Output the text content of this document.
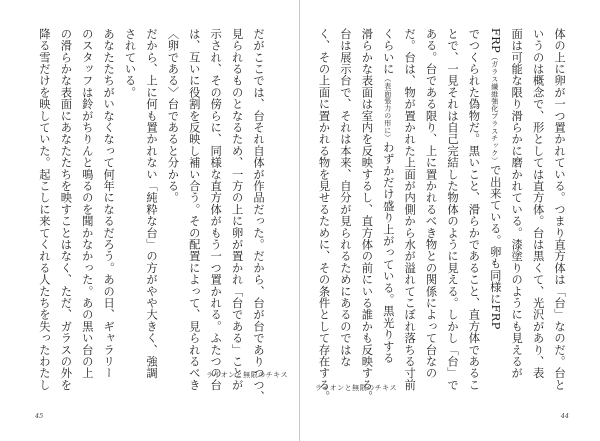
だがここでは、台それ自体が作品だった。だから、台が台でありつつ、
見られるものとなるため、一方の上に卵が置かれ「台である」ことが
示され、その傍らに、同様な直方体がもう一つ置かれる。ふたつの台
は、互いに役割を反映し補い合う。その配置によって、見られるべき
〈卵である〉台であると分かる。
だから、上に何も置かれない「純粋な台」の方がやや大きく、強調
されている。
あなたたちがいなくなって何年になるだろう。あの日、ギャラリー
のスタッフは鈴がちりんと鳴るのを聞かなかった。あの黒い台の上
の滑らかな表面にあなたたちを映すことはなく、ただ、ガラスの外を
降る雪だけを映していた。起こしに来てくれる人たちを失ったわたし	ライオンと無限のチキス
45
体の上に卵が一つ置かれている。つまり直方体は「台」なのだ。台と
いうのは概念で、形としては直方体。台は黒くて、光沢があり、表
面は可能な限り滑らかに磨かれている。漆塗りのようにも見えるが
FRP（ガラス繊維強化プラスチック）で出来ている。卵も同様にFRP
でつくられた偽物だ。黒いこと、滑らかであること、直方体であるこ
とで、一見それは自己完結した物体のように見える。しかし「台」で
ある。台である限り、上に置かれるべき物との関係によって台なの
だ。台は、物が置かれた上面が内側から水が溢れてこぼれ落ちる寸前
くらいに（表面張力の形に）わずかだけ盛り上がっている。黒光りする
滑らかな表面は室内を反映するし、直方体の前にいる誰かも反映する。
台は展示台で、それは本来、自分が見られるためにあるのではな
く、その上面に置かれる物を見せるために、その条件として存在する。
ライオンと無限のチキス
44
